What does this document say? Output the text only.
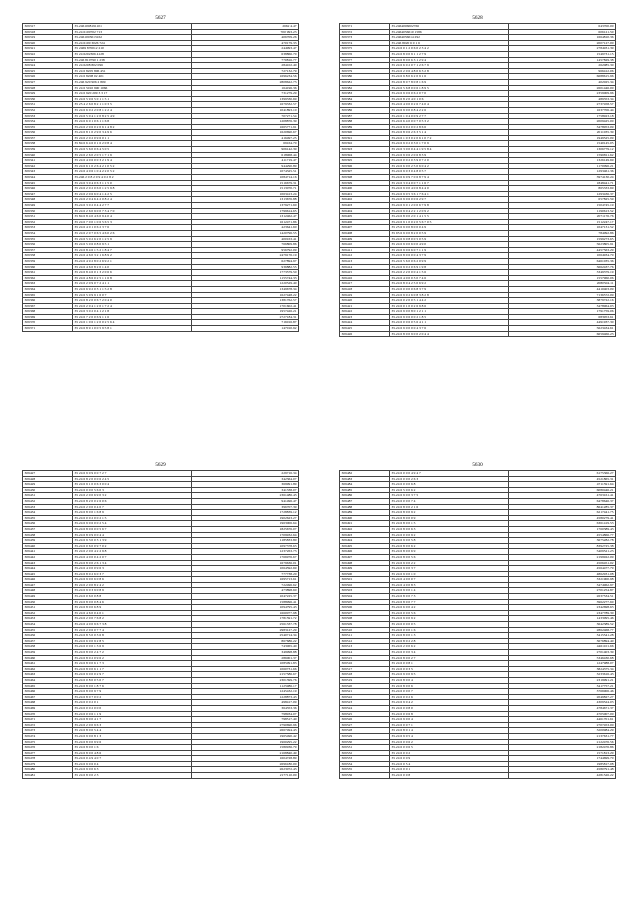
5627
309317	35.2461008191101	2662 4.47
309318	35.24 6100702 713	700 993.23
309319	35.2461003013162	406709.26
309320	35.24 6100 3026 724	470179.33
309321	35 2469 870012 210	244993.47
309322	35 24 6202306 4128	638866.70
309323	35.246 810790 1 238	770816.77
309324	35 24 6208 802 096	284102.40
309325	35 24 6 8205 806 451	727132.79
309326	35 24 6 8208 02 401	1696234.56
309327	35.246 920 906 2 809	2808622.73
309328	35 24 6 5010 990 1066	164196.36
309329	35 24 6 920 209 3 3 17	731279.29
309330	35 24 6 5 9 6 5 0 1 1 5 1	1399330.69
309331	35 25 4 2 6 0 8 2 1 1 0 3 5	1679332.57
309332	35 24 6 6 0 2 2 0 8 1 2 2 4	1041893.10
309333	35 24 6 5 0 4 1 2 0 8 2 5 4 9	707271.54
309334	35 24 6 6 0 1 0 6 1 1 6 8	1208876.39
309335	35.24 6 2 9 6 0 2 0 6 1 4 8 2	1665771.91
309336	35.24 6 8 1 0 2 9 0 3 4 9 6	1620690.67
309337	35 24 6 2 0 2 0 9 6 0 1 1	416497.25
309338	35 84 6 6 4 6 0 1 6 2 0 8 4	69164.70
309339	35 24 6 5 6 0 0 6 4 5 0 5	906142.39
309340	35 24 6 2 6 0 2 0 5 1 7 1 9	618968.44
309341	35 24 6 4 0 6 0 0 3 2 1 9 4	411719.47
309342	35 24 6 6 1 0 2 6 4 2 1 0 5 2	944290.89
309343	35 24 6 4 0 6 1 0 4 2 2 0 5 2	1074325.51
309344	35.246 2 0 8 2 0 9 4 0 2 8 2	1084714.16
309345	35 24 6 3 0 4 0 6 3 1 1 5 0	1516679.31
309346	35 24 6 2 0 2 0 6 0 1 2 5 9 8	1513070.71
309347	35 24 6 2 0 6 6 0 4 1 4 2 5	1063413.24
309348	35 24 6 2 0 4 6 4 2 0 8 2 4	1313676.88
309349	35.24 6 3 0 2 0 4 4 2 7 7	1379271.60
309350	35 24 6 2 6 0 9 0 0 7 3 4 7 0	1799614.65
309351	35 84 6 8 4 0 4 6 0 9 4 0 4	1312462.47
309352	35 24 6 7 0 0 1 0 6 5 6 5 3	1612471.86
309353	35 24 6 4 0 1 0 6 2 3 7 6	423641.60
309354	35 24 6 2 0 7 0 6 5 4 6 0 2 6	1420796.55
309355	35 24 6 5 0 2 6 2 0 1 2 5 9	400163.41
309356	35 24 6 5 0 6 0 8 0 9 5 1	766809.86
309357	35 24 6 8 4 6 1 5 2 1 8 4 7	956792.09
309358	35 24 6 4 6 0 3 2 1 6 8 9 2	2479176.19
309359	35.24 6 4 9 2 8 0 2 6 9 2 1	627894.97
309360	35 24 6 4 6 0 8 2 0 1 4 0	936882.55
309361	35 24 6 8 4 6 0 1 3 2 0 6 6	1773579.50
309362	35 24 6 4 8 6 0 2 5 1 1 6 8	1155744.33
309363	35 24 6 2 0 9 0 7 2 4 1 1	1220529.40
309364	35 24 6 6 9 2 0 3 1 1 5 2 8	1349678.34
309365	35 24 6 5 0 9 9 1 6 0 7	1627448.22
309366	35 24 6 8 2 0 0 6 7 2 0 4 0	1381762.57
309367	35 24 6 2 0 4 1 2 0 1 7 2 4	1701602.41
309368	35 24 6 3 0 2 0 4 1 2 1 8	1957426.21
309369	35 24 6 7 2 0 0 6 9 1 1 6	2727184.31
309370	35 24 6 1 0 6 1 2 0 0 2 5 6 4	716016.87
309371	35 24 6 8 9 1 0 0 5 9 5 8 1	147010.92
5628
309371	35.2464006002766	643700.00
309372	35.2464036010 1586	606121.50
309373	35.2464036014 292	1664810.36
309374	35.246 8020 6 0 1 6	2007127.00
309375	35.24 6 0 1 2 0 6 0 2 3 4 2	2784931.39
309376	35.24 6 8 0 0 9 1 1 2 7 9	1549731.15
309377	35.24 6 8 0 0 6 3 1 2 9 4	1457829.38
309378	35 24 6 6 0 2 0 7 1 2 6 7 9	262085.30
309379	35.24 6 2 0 6 4 8 0 6 3 2 8	966412.06
309380	35.24 6 9 8 0 6 2 0 9 1 6	6688615.96
309381	35.24 6 8 0 7 8 0 8 1 6 9	402025.34
309382	35.24 6 5 6 8 0 0 6 1 8 9 5	2601446.00
309383	35.24 6 9 0 6 0 6 2 0 7 0	2359009.96
309384	35.24 6 8 2 0 4 0 1 0 6	489353.34
309385	35.24 6 4 0 0 0 2 6 7 4 0 4	2737458.57
309386	35 24 6 9 0 0 0 8 4 2 2 6	1637706.44
309387	35.24 6 1 0 4 0 0 9 2 7 7	1758923.18
309388	35.24 6 6 4 0 0 0 7 0 5 3 2	2009425.00
309389	35.24 6 9 0 2 0 0 2 8 6 6	3478953.09
309390	35.24 6 8 0 6 2 6 3 5 1 4	2011035.39
309391	35.24 6 1 0 3 0 2 0 6 1 0 7 2	1949525.09
309392	35.24 6 9 0 2 0 3 0 1 7 0 9	1540145.05
309393	35 24 6 3 0 0 0 4 4 1 9 5 8 4	1306779.12
309394	35.24 6 9 0 6 2 0 6 8 3 9	1596811.62
309395	35.24 6 0 0 2 0 3 9 0 7 2 0	1326149.69
309396	35 24 6 6 0 0 2 5 0 6 0 4 2	1170096.21
309397	35.24 6 9 0 3 0 4 8 0 5 7	1293461.36
309398	35.24 6 6 0 9 7 0 6 8 7 9 4	3974130.24
309399	35 24 6 3 0 4 0 0 7 1 1 6 7	1848441.71
309400	35.24 6 9 0 0 4 0 6 8 4 4 0	865333.69
309401	35.24 6 9 0 5 3 6 1 7 6 4 1	1293436.37
309402	35.24 6 9 0 6 0 0 6 2 9 7	657825.59
309403	35.24 6 9 0 1 2 0 0 6 7 9 8	1504745.19
309404	35.24 6 9 0 4 2 2 1 2 0 9 2	1190613.52
309405	35.24 6 8 0 0 2 0 1 4 1 5 5	2071176.76
309406	35.24 6 9 1 0 0 2 0 5 6 7 0 5	1512247.17
309407	35 25 6 9 0 0 8 0 0 0 4 9	1047131.52
309408	35 95 6 9 0 0 8 2 0 0 5 9	784092.86
309409	35.24 6 9 0 8 0 0 5 0 5 9	1599273.65
309410	35 24 6 9 0 0 6 0 0 4 9 0	5623805.91
309411	35 24 6 9 0 6 6 0 7 1 1 9	4457563.29
309412	35.24 6 8 0 6 0 0 4 3 7 9	1064934.70
309413	35.24 6 5 6 0 0 6 2 0 9 9	6461035.36
309414	35.24 6 9 0 2 0 6 9 1 9 8	3662437.76
309415	35.24 6 2 2 0 0 0 4 1 5 6	3349379.19
309416	35.24 6 4 0 0 0 3 0 7 4 6	1557960.06
309417	35.24 6 8 0 4 2 5 0 6 9 2	2080504.11
309418	35.24 6 0 0 0 0 6 8 3 7 9	4410403.09
309419	35.24 6 9 0 2 6 0 8 3 8 2 8	7136572.09
309420	35.24 6 0 2 0 0 5 1 4 4 2	3879722.16
309421	35 24 6 0 1 0 0 2 6 9 8 6	3478964.03
309422	35 24 6 9 0 0 8 0 1 2 1 1	1791759.06
309423	35.24 6 9 0 6 0 0 2 1 8 5	683953.61
309424	35.24 6 0 0 6 0 5 6 4 1 1	4491937.30
309425	35.24 6 9 0 0 0 0 4 3 7 6	5623434.61
309426	35.24 6 8 0 0 9 0 0 2 0 4 4	6659466.23
5629
309427	35 24 6 9 0 9 0 0 7 2 7	229716.34
309428	35.24 6 8 2 0 0 0 6 2 4 5	342364.07
309429	35 24 6 9 1 0 0 6 3 0 0 4	369991.89
309430	35.24 6 0 0 0 5 6 0 3	341338.07
309431	35 24 6 2 0 0 6 9 0 3 2	2361486.43
309432	35.24 6 8 2 0 0 2 6 0 6	941496.47
309433	35.24 6 2 0 0 0 4 0 7	396707.39
309434	35.24 6 8 0 0 1 6 8 9	1728839.12
309435	35.24 6 0 0 2 0 0 2 1 5	1902623.27
309436	35.24 6 9 0 6 0 0 2 5 4	1963006.64
309437	35.24 6 8 0 6 0 0 5 6 7	1825676.07
309438	35.24 6 8 0 9 0 0 4 4	1709932.64
309439	35.24 6 9 3 0 0 3 1 3 9	1185833.80
309440	35.24 6 0 6 0 0 9 7 0 2	1097378.63
309441	35 24 6 2 0 0 4 2 2 9 8	1237263.73
309442	35.24 6 4 0 0 0 4 2 0 7	1766976.67
309443	35.24 6 8 0 0 2 6 1 3 4	1679636.01
309444	35.24 6 4 0 0 0 9 6 3	1064592.69
309445	35.24 6 8 0 2 6 0 3 7	777738.20
309446	35.24 6 9 0 0 6 0 8 6	1695713.61
309447	35 24 6 2 0 0 8 2 4 2	722496.62
309448	35.24 6 9 0 3 9 0 8 9	473898.60
309449	35.24 6 0 6 0 0 8 8	1047225.37
309450	35 24 6 8 0 0 0 8 4 6	1588996.41
309451	35 24 6 8 0 0 6 8 9	1094795.43
309452	35 24 6 4 6 0 0 4 0 1	1660077.98
309453	35.24 6 2 0 0 7 6 8 2	1781591.72
309454	35.24 6 4 0 0 9 6 7 3 8	2561337.78
309455	35 24 6 2 0 6 0 7 7 4	2983127.29
309456	35.24 6 8 5 0 0 3 6 8	2540714.34
309457	35.24 6 6 0 0 9 2 8 5	867686.22
309458	35.24 6 0 0 0 1 3 6 9	743065.40
309459	35.24 6 8 0 0 2 4 7 2	349998.88
309460	35.24 6 8 0 2 0 9 6 2	286001.37
309461	35 24 6 8 0 0 6 1 7 3	1085091.83
309462	35.24 6 8 0 0 6 1 1 7	1060731.66
309463	35.24 6 9 0 0 0 2 9 7	2157586.67
309464	35.24 6 0 8 0 0 5 0 7	2301399.76
309465	35.24 6 8 0 0 1 8 7 6	1125986.17
309466	35.24 6 8 0 0 9 7 9	1245432.19
309467	35.24 6 8 0 7 0 0 2	1228873.43
309468	35.24 6 0 0 2 0 1	498417.09
309469	35.24 6 0 0 2 0 0 0	364353.36
309470	35.24 6 0 0 6 1 1 9	798934.07
309471	35.24 6 8 0 0 4 1 7	798517.40
309472	35.24 6 2 0 0 9 6 3	2790690.96
309473	35 24 6 8 0 0 5 4 4	2667494.43
309474	35.24 6 9 0 0 8 1 3	1965490.42
309475	35.24 6 8 0 0 9 9 6	1960295.22
309476	35 24 6 8 0 0 1 6	1580936.79
309477	35.24 6 8 0 0 4 8 6	2168840.49
309478	35.24 6 0 4 9 4 0 7	1604728.89
309479	35.24 6 9 0 6 0 4	2696180.00
309480	35.24 6 9 0 0 6 3	2623072.43
309481	35 24 6 8 0 0 2 3	2177110.00
5630
309482	35.24 6 0 0 0 4 9 4 7	6175366.27
309483	35.24 6 0 0 0 2 6 3	4521865.31
309484	35.24 6 0 0 0 6 8	4711591.64
309485	35 24 6 5 0 0 6 2	6080446.21
309486	35.24 6 9 0 0 3 7 5	4763161.41
309487	35.24 6 0 0 0 7 4	6478646.37
309488	35 24 6 8 0 0 2 1 6	8641285.37
309489	35.24 6 8 0 0 9 2	6217441.75
309490	35.24 6 8 0 0 0 9	4580279.41
309491	35 24 6 8 0 0 1 5	6361419.53
309492	35 24 6 8 0 0 6 3	1760389.43
309493	35.24 6 0 0 0 9 2	4554866.77
309494	35.24 6 9 0 0 5 8	3675282.78
309495	35.24 6 8 0 0 6 2	8392725.38
309496	35.24 6 8 0 0 6 9	5409521.23
309497	35.24 6 8 0 0 5 6	2199922.09
309498	35 24 6 9 0 0 2 2	4506451.02
309499	35.24 6 9 0 0 3 7	4564477.79
309500	35 24 6 9 0 0 1 0	4862931.08
309501	35.24 6 4 0 0 0 7	3321900.98
309502	35.24 6 4 0 0 8 3	3474962.97
309503	35.24 6 9 0 0 1 4	2701254.87
309504	35.24 6 8 0 0 7 3	2637534.51
309505	35.24 6 8 0 0 7 7	3962277.60
309506	35.24 6 6 0 0 4 2	2342698.63
309507	35.24 6 0 0 0 5 6	2347789.30
309508	35.24 6 9 0 0 9 2	1433095.46
309509	35 24 6 0 0 0 0 5	3642389.52
309510	35.24 6 0 0 0 1 6	2862468.77
309511	35 24 6 8 0 0 1 3	3415541.28
309512	35 24 6 8 0 2 2 8	3676894.40
309513	35.24 6 2 0 0 6 2	4461101.66
309514	35.24 6 0 0 0 3 4	2701403.39
309515	35.24 6 8 0 0 2 7	5346430.68
309516	35 24 6 0 0 8 1	1247988.07
309517	35 24 6 0 0 3 5	3824375.34
309518	35.24 6 9 0 0 9 5	3233616.43
309519	35 24 6 8 0 0 4	2319991.21
309520	35 24 6 8 0 0 6	3417757.21
309521	35.24 6 0 0 0 7	3766906.46
309522	35 24 6 0 0 2 6	2049827.27
309523	35.24 6 9 0 4 2	4309524.03
309524	35 24 6 0 0 8 0	4784671.37
309525	35.24 6 0 0 6 8	4705007.00
309526	35.24 6 9 0 0 4	4461701.61
309527	35.24 6 0 0 7 1	2707453.00
309528	35 24 6 8 0 1 4	3200984.29
309529	35.24 6 9 0 5 4	2137631.77
309530	35.24 6 0 0 6 2	2122476.56
309531	35.24 6 0 0 6 5	2182476.86
309532	35 24 6 0 0 2	1571813.29
309533	35 24 6 0 0 9	1744699.70
309534	35.24 6 0 5 4	1985817.08
309535	35.24 6 0 0 1	4580791.48
309536	35.24 6 0 0 8	4281526.22
